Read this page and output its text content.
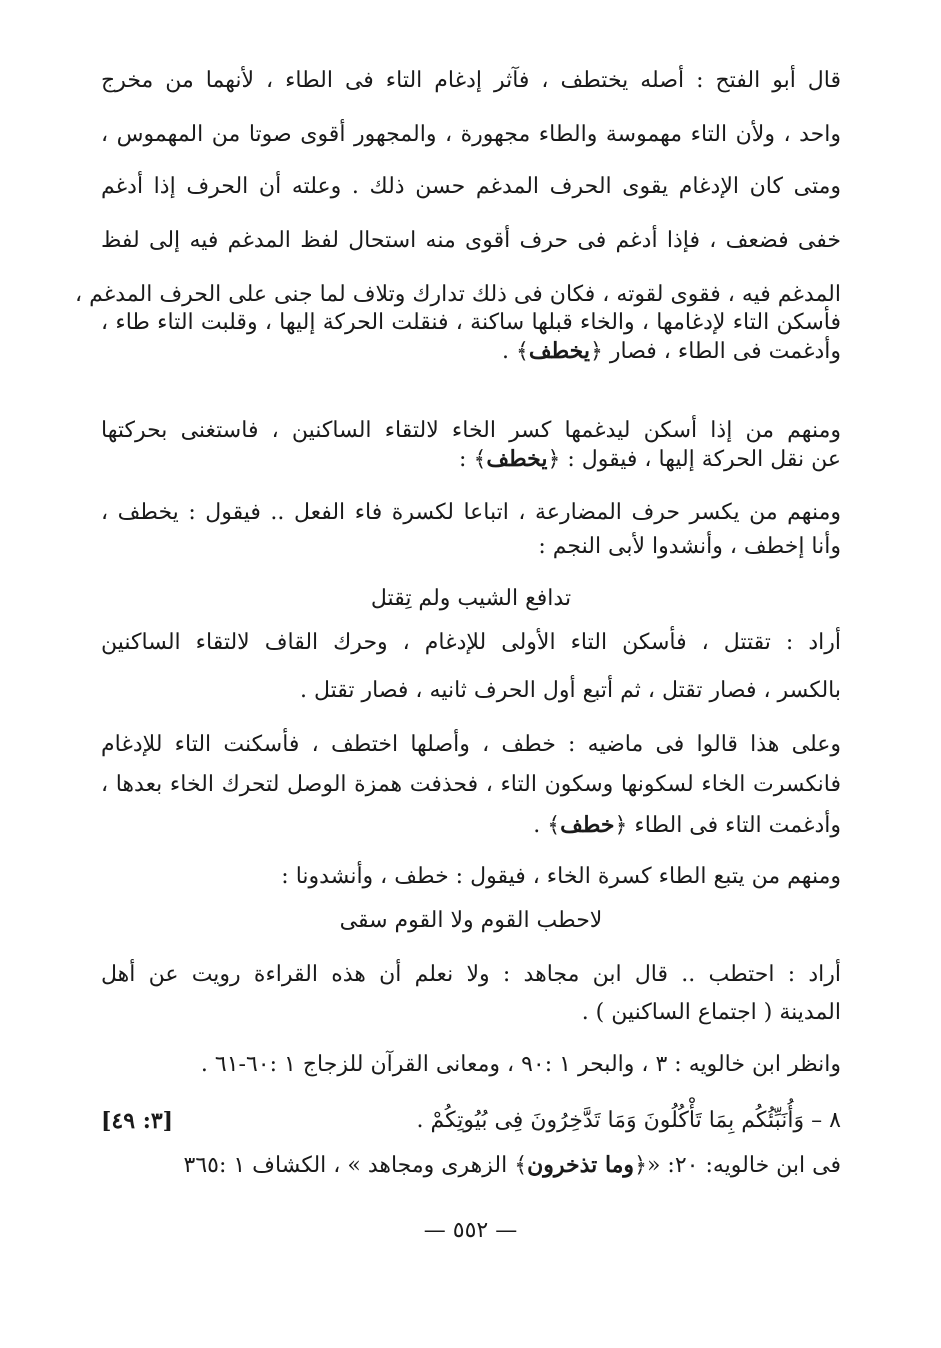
قال أبو الفتح : أصله يختطف ، فآثر إدغام التاء فى الطاء ، لأنهما من مخرج
واحد ، ولأن التاء مهموسة والطاء مجهورة ، والمجهور أقوى صوتا من المهموس ،
ومتى كان الإدغام يقوى الحرف المدغم حسن ذلك . وعلته أن الحرف إذا أدغم
خفى فضعف ، فإذا أدغم فى حرف أقوى منه استحال لفظ المدغم فيه إلى لفظ
المدغم فيه ، فقوى لقوته ، فكان فى ذلك تدارك وتلاف لما جنى على الحرف المدغم ،
فأسكن التاء لإدغامها ، والخاء قبلها ساكنة ، فنقلت الحركة إليها ، وقلبت التاء طاء ،
وأدغمت فى الطاء ، فصار ﴿يخطف﴾ .
ومنهم من إذا أسكن ليدغمها كسر الخاء لالتقاء الساكنين ، فاستغنى بحركتها
عن نقل الحركة إليها ، فيقول : ﴿يخطف﴾ :
ومنهم من يكسر حرف المضارعة ، اتباعا لكسرة فاء الفعل .. فيقول : يخطف ،
وأنا إخطف ، وأنشدوا لأبى النجم :
تدافع الشيب ولم تِقتل
أراد : تقتتل ، فأسكن التاء الأولى للإدغام ، وحرك القاف لالتقاء الساكنين
بالكسر ، فصار تقتل ، ثم أتبع أول الحرف ثانيه ، فصار تقتل .
وعلى هذا قالوا فى ماضيه : خطف ، وأصلها اختطف ، فأسكنت التاء للإدغام
فانكسرت الخاء لسكونها وسكون التاء ، فحذفت همزة الوصل لتحرك الخاء بعدها ،
وأدغمت التاء فى الطاء ﴿خطف﴾ .
ومنهم من يتبع الطاء كسرة الخاء ، فيقول : خطف ، وأنشدونا :
لاحطب القوم ولا القوم سقى
أراد : احتطب .. قال ابن مجاهد : ولا نعلم أن هذه القراءة رويت عن أهل
المدينة ( اجتماع الساكنين ) .
وانظر ابن خالويه : ٣ ، والبحر ١ :٩٠ ، ومعانى القرآن للزجاج ١ :٦٠-٦١ .
٨ – وَأُنَبِّئُكُم بِمَا تَأْكُلُونَ وَمَا تَدَّخِرُونَ فِى بُيُوتِكُمْ .
[٣: ٤٩]
فى ابن خالويه: ٢٠: «﴿وما تذخرون﴾ الزهرى ومجاهد » ، الكشاف ١ :٣٦٥
— ٥٥٢ —
